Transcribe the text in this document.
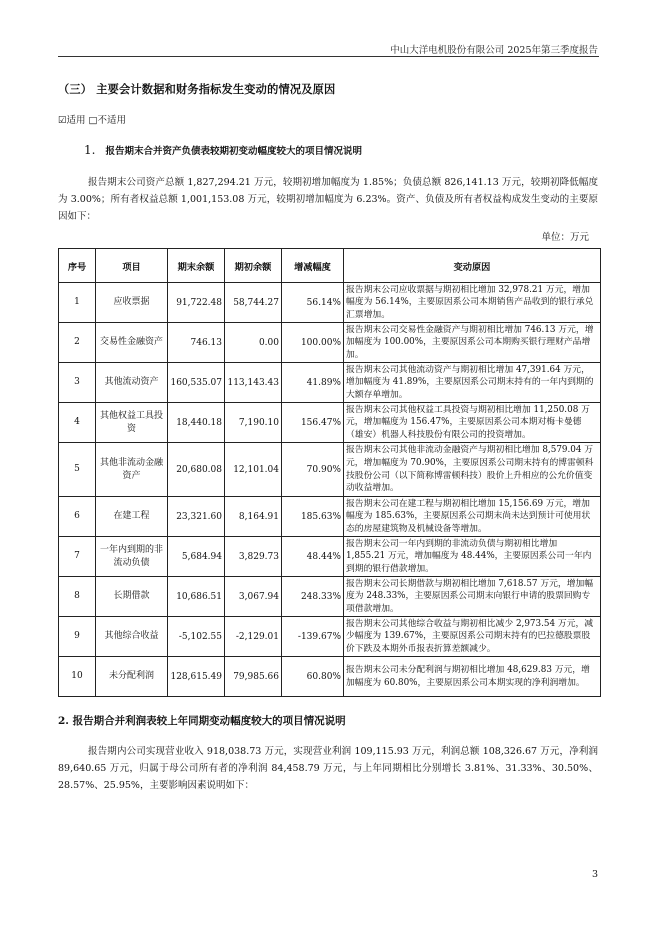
中山大洋电机股份有限公司 2025年第三季度报告
（三） 主要会计数据和财务指标发生变动的情况及原因
☑适用 □不适用
1. 报告期末合并资产负债表较期初变动幅度较大的项目情况说明
报告期末公司资产总额 1,827,294.21 万元，较期初增加幅度为 1.85%；负债总额 826,141.13 万元，较期初降低幅度为 3.00%；所有者权益总额 1,001,153.08 万元，较期初增加幅度为 6.23%。资产、负债及所有者权益构成发生变动的主要原因如下：
单位：万元
序号	项目	期末余额	期初余额	增减幅度	变动原因
1	应收票据	91,722.48	58,744.27	56.14%	报告期末公司应收票据与期初相比增加 32,978.21 万元，增加幅度为 56.14%，主要原因系公司本期销售产品收到的银行承兑汇票增加。
2	交易性金融资产	746.13	0.00	100.00%	报告期末公司交易性金融资产与期初相比增加 746.13 万元，增加幅度为 100.00%，主要原因系公司本期购买银行理财产品增加。
3	其他流动资产	160,535.07	113,143.43	41.89%	报告期末公司其他流动资产与期初相比增加 47,391.64 万元，增加幅度为 41.89%，主要原因系公司期末持有的一年内到期的大额存单增加。
4	其他权益工具投资	18,440.18	7,190.10	156.47%	报告期末公司其他权益工具投资与期初相比增加 11,250.08 万元，增加幅度为 156.47%，主要原因系公司本期对梅卡曼德（雄安）机器人科技股份有限公司的投资增加。
5	其他非流动金融资产	20,680.08	12,101.04	70.90%	报告期末公司其他非流动金融资产与期初相比增加 8,579.04 万元，增加幅度为 70.90%，主要原因系公司期末持有的博雷顿科技股份公司（以下简称博雷顿科技）股价上升相应的公允价值变动收益增加。
6	在建工程	23,321.60	8,164.91	185.63%	报告期末公司在建工程与期初相比增加 15,156.69 万元，增加幅度为 185.63%，主要原因系公司期末尚未达到预计可使用状态的房屋建筑物及机械设备等增加。
7	一年内到期的非流动负债	5,684.94	3,829.73	48.44%	报告期末公司一年内到期的非流动负债与期初相比增加 1,855.21 万元，增加幅度为 48.44%，主要原因系公司一年内到期的银行借款增加。
8	长期借款	10,686.51	3,067.94	248.33%	报告期末公司长期借款与期初相比增加 7,618.57 万元，增加幅度为 248.33%，主要原因系公司期末向银行申请的股票回购专项借款增加。
9	其他综合收益	-5,102.55	-2,129.01	-139.67%	报告期末公司其他综合收益与期初相比减少 2,973.54 万元，减少幅度为 139.67%，主要原因系公司期末持有的巴拉德股票股价下跌及本期外币报表折算差额减少。
10	未分配利润	128,615.49	79,985.66	60.80%	报告期末公司未分配利润与期初相比增加 48,629.83 万元，增加幅度为 60.80%，主要原因系公司本期实现的净利润增加。
2. 报告期合并利润表较上年同期变动幅度较大的项目情况说明
报告期内公司实现营业收入 918,038.73 万元，实现营业利润 109,115.93 万元，利润总额 108,326.67 万元，净利润 89,640.65 万元，归属于母公司所有者的净利润 84,458.79 万元，与上年同期相比分别增长 3.81%、31.33%、30.50%、28.57%、25.95%，主要影响因素说明如下：
3
